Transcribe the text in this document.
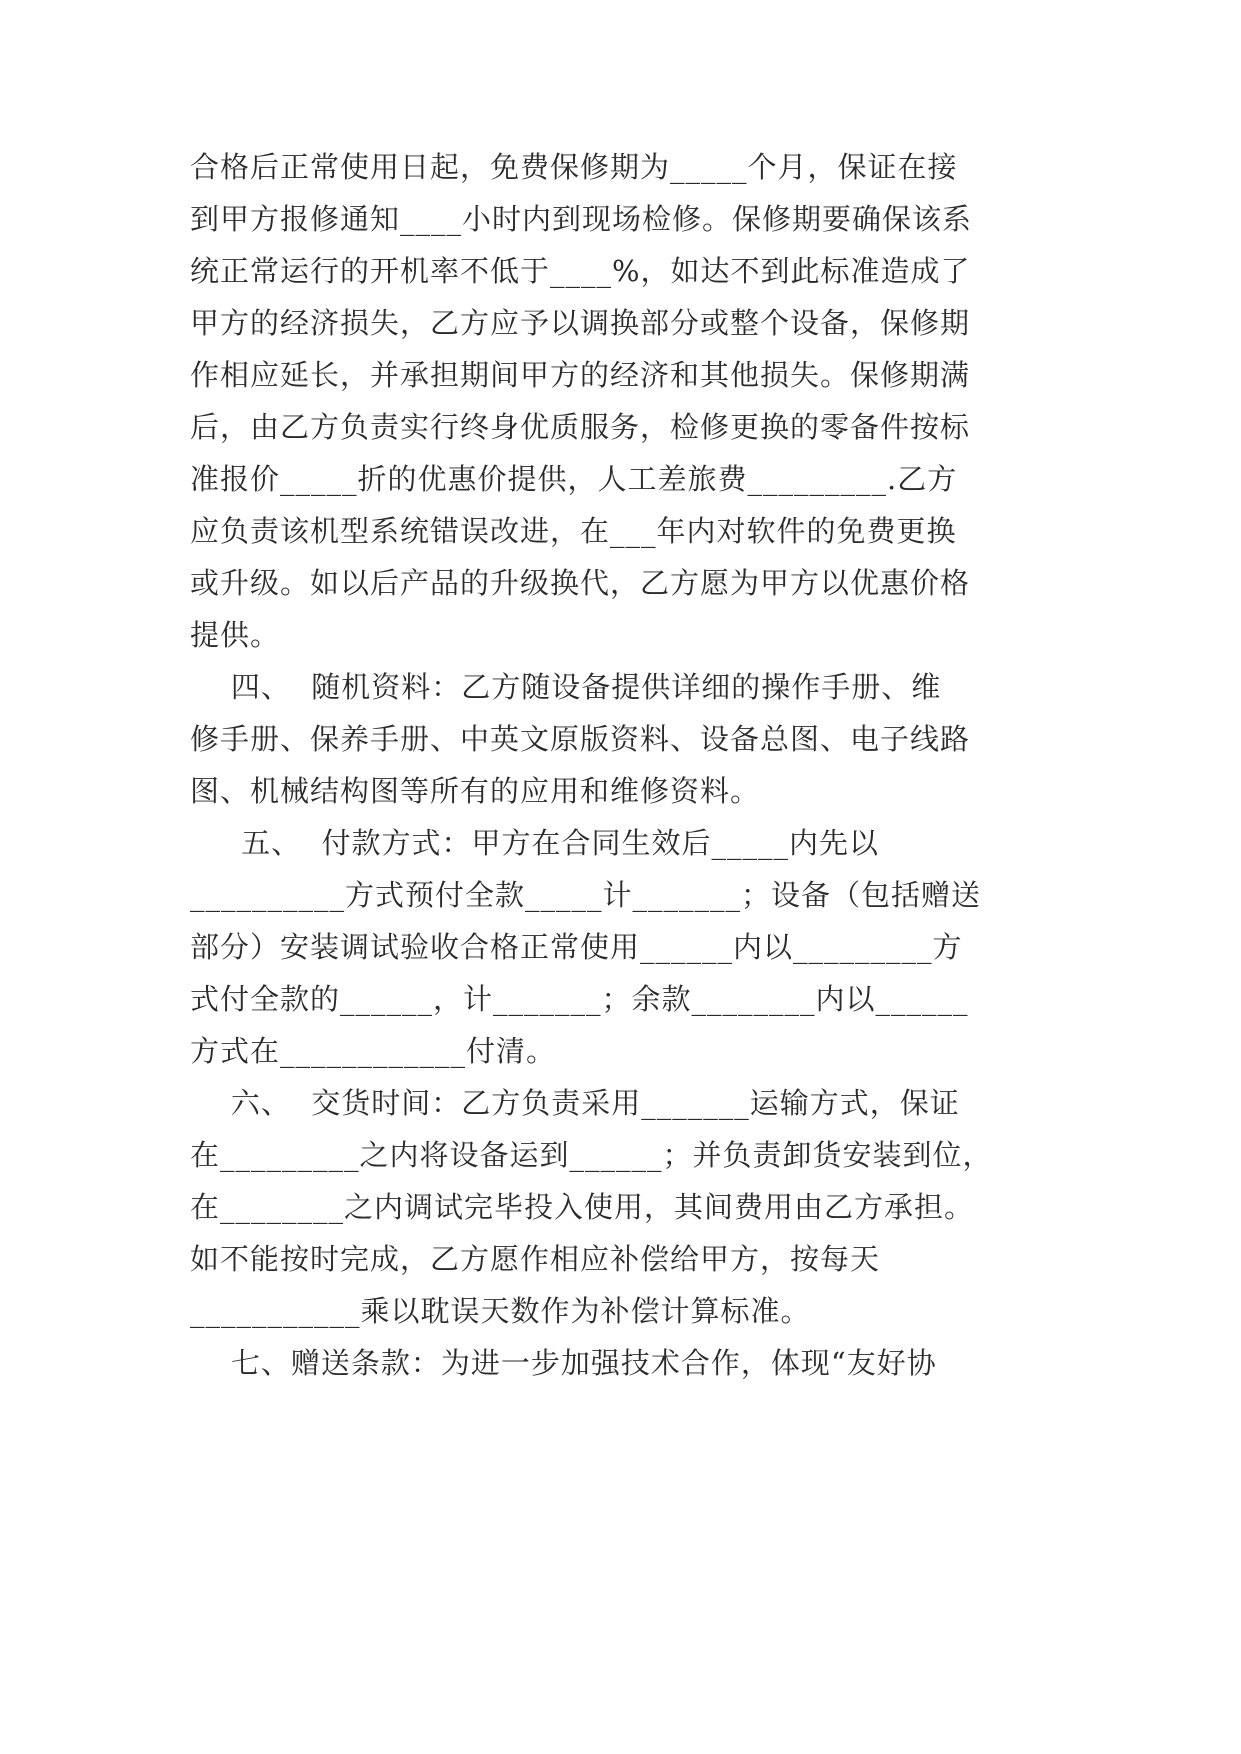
合格后正常使用日起，免费保修期为_____个月，保证在接
到甲方报修通知____小时内到现场检修。保修期要确保该系
统正常运行的开机率不低于____%，如达不到此标准造成了
甲方的经济损失，乙方应予以调换部分或整个设备，保修期
作相应延长，并承担期间甲方的经济和其他损失。保修期满
后，由乙方负责实行终身优质服务，检修更换的零备件按标
准报价_____折的优惠价提供，人工差旅费_________.乙方
应负责该机型系统错误改进，在___年内对软件的免费更换
或升级。如以后产品的升级换代，乙方愿为甲方以优惠价格
提供。
四、  随机资料：乙方随设备提供详细的操作手册、维
修手册、保养手册、中英文原版资料、设备总图、电子线路
图、机械结构图等所有的应用和维修资料。
五、  付款方式：甲方在合同生效后_____内先以
__________方式预付全款_____计_______；设备（包括赠送
部分）安装调试验收合格正常使用______内以_________方
式付全款的______，计_______；余款________内以______
方式在____________付清。
六、  交货时间：乙方负责采用_______运输方式，保证
在_________之内将设备运到______；并负责卸货安装到位，
在________之内调试完毕投入使用，其间费用由乙方承担。
如不能按时完成，乙方愿作相应补偿给甲方，按每天
___________乘以耽误天数作为补偿计算标准。
七、赠送条款：为进一步加强技术合作，体现“友好协
